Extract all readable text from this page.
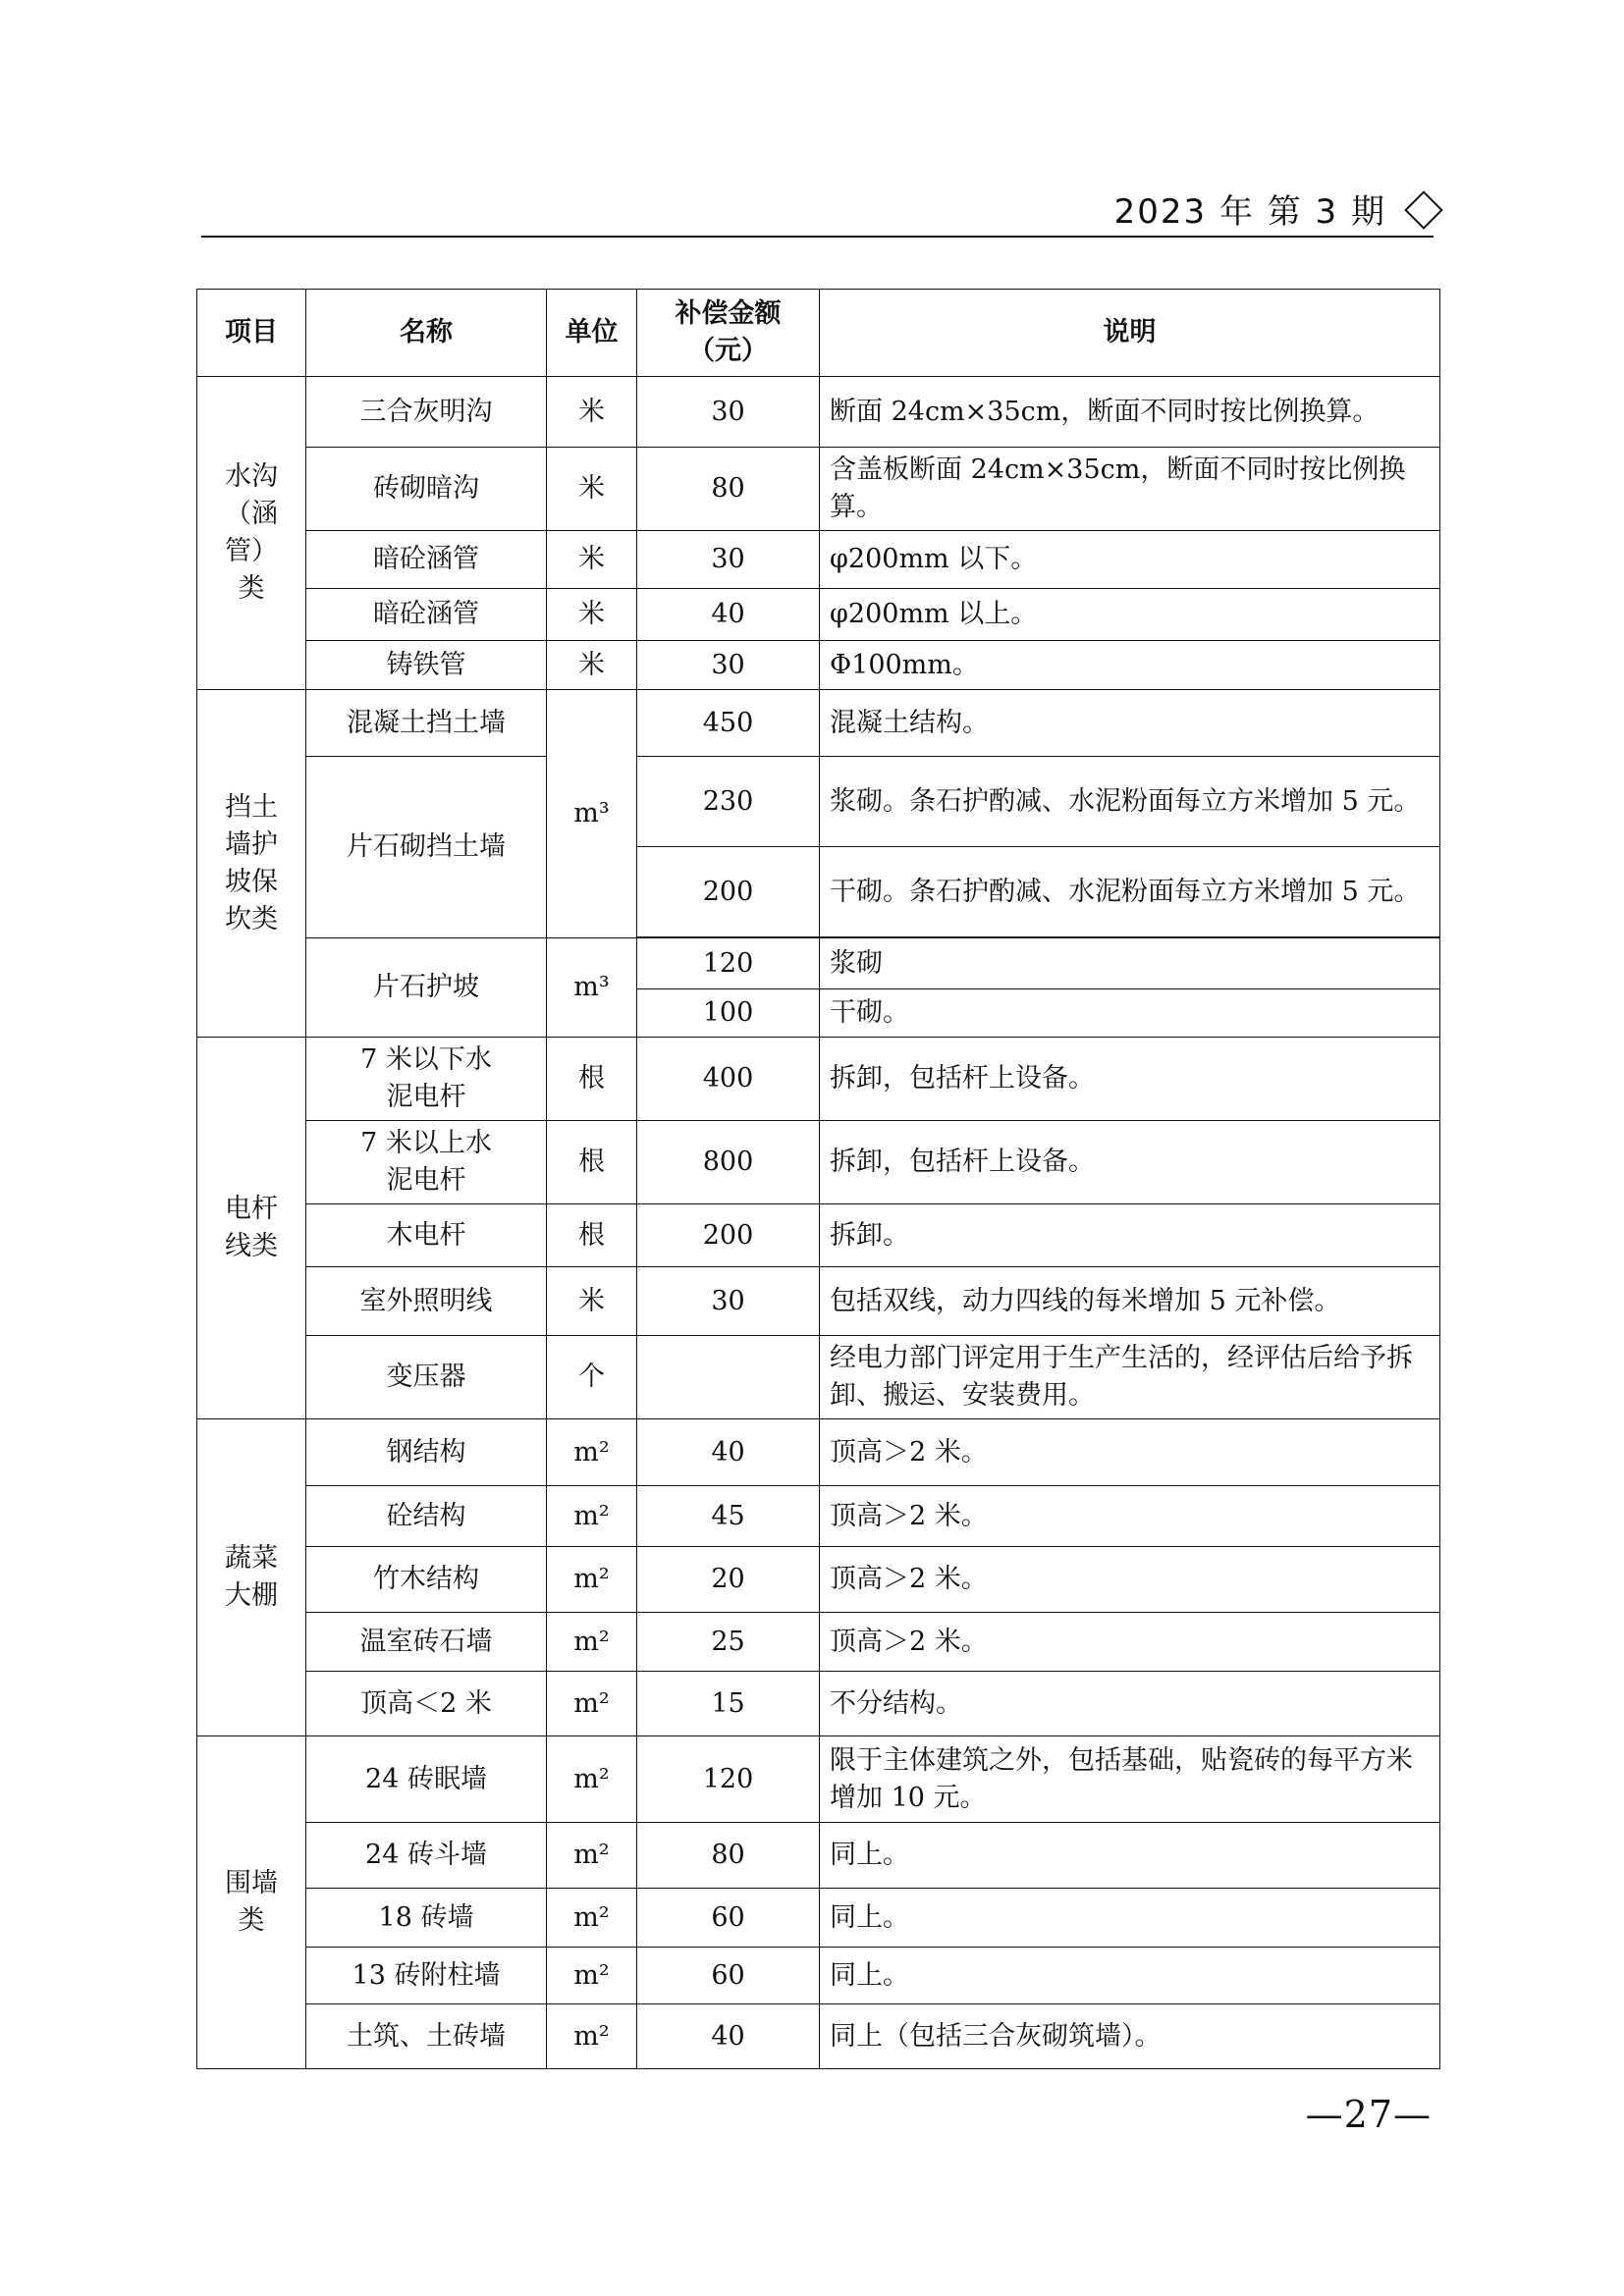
2023 年 第 3 期
项目	名称	单位	补偿金额（元）	说明
水沟（涵管）类	三合灰明沟	米	30	断面 24cm×35cm，断面不同时按比例换算。
	砖砌暗沟	米	80	含盖板断面 24cm×35cm，断面不同时按比例换算。
	暗砼涵管	米	30	φ200mm 以下。
	暗砼涵管	米	40	φ200mm 以上。
	铸铁管	米	30	Φ100mm。
挡土墙护坡保坎类	混凝土挡土墙	m³	450	混凝土结构。
	片石砌挡土墙		230	浆砌。条石护酌减、水泥粉面每立方米增加 5 元。
			200	干砌。条石护酌减、水泥粉面每立方米增加 5 元。

	片石护坡	m³	120	浆砌
			100	干砌。
电杆线类	7 米以下水泥电杆	根	400	拆卸，包括杆上设备。
	7 米以上水泥电杆	根	800	拆卸，包括杆上设备。
	木电杆	根	200	拆卸。
	室外照明线	米	30	包括双线，动力四线的每米增加 5 元补偿。
	变压器	个		经电力部门评定用于生产生活的，经评估后给予拆卸、搬运、安装费用。
蔬菜大棚	钢结构	m²	40	顶高＞2 米。
	砼结构	m²	45	顶高＞2 米。
	竹木结构	m²	20	顶高＞2 米。
	温室砖石墙	m²	25	顶高＞2 米。
	顶高＜2 米	m²	15	不分结构。
围墙类	24 砖眠墙	m²	120	限于主体建筑之外，包括基础，贴瓷砖的每平方米增加 10 元。
	24 砖斗墙	m²	80	同上。
	18 砖墙	m²	60	同上。
	13 砖附柱墙	m²	60	同上。
	土筑、土砖墙	m²	40	同上（包括三合灰砌筑墙）。
—27—
